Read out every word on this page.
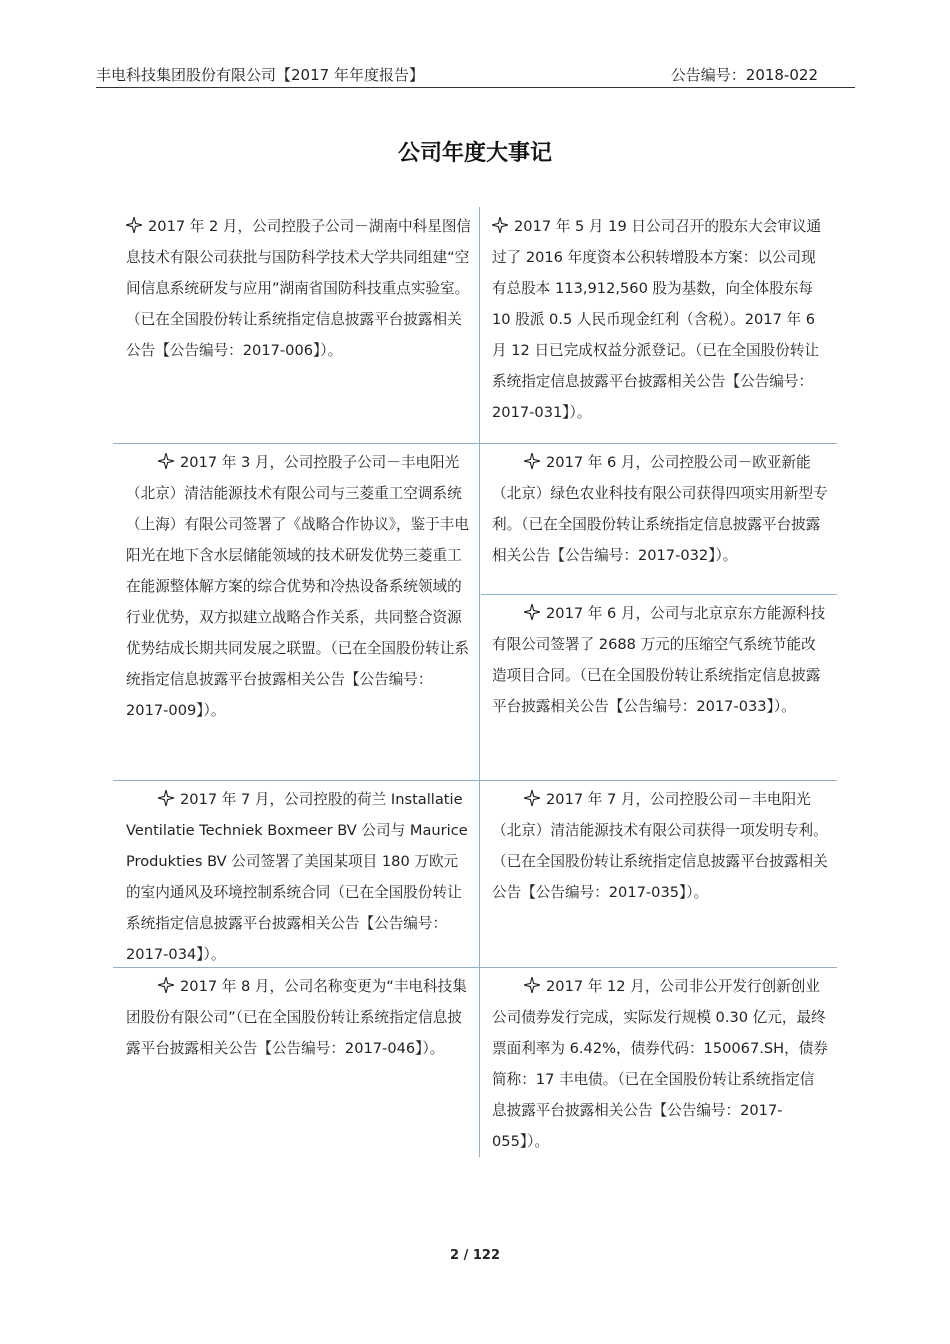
丰电科技集团股份有限公司【2017 年年度报告】	公告编号：2018-022
公司年度大事记
2017 年 2 月，公司控股子公司－湖南中科星图信息技术有限公司获批与国防科学技术大学共同组建“空间信息系统研发与应用”湖南省国防科技重点实验室。（已在全国股份转让系统指定信息披露平台披露相关公告【公告编号：2017-006】）。
2017 年 5 月 19 日公司召开的股东大会审议通过了 2016 年度资本公积转增股本方案：以公司现有总股本 113,912,560 股为基数，向全体股东每 10 股派 0.5 人民币现金红利（含税）。2017 年 6 月 12 日已完成权益分派登记。（已在全国股份转让系统指定信息披露平台披露相关公告【公告编号：2017-031】）。
2017 年 3 月，公司控股子公司－丰电阳光（北京）清洁能源技术有限公司与三菱重工空调系统（上海）有限公司签署了《战略合作协议》，鉴于丰电阳光在地下含水层储能领域的技术研发优势三菱重工在能源整体解方案的综合优势和冷热设备系统领域的行业优势，双方拟建立战略合作关系，共同整合资源优势结成长期共同发展之联盟。（已在全国股份转让系统指定信息披露平台披露相关公告【公告编号：2017-009】）。
2017 年 6 月，公司控股公司－欧亚新能（北京）绿色农业科技有限公司获得四项实用新型专利。（已在全国股份转让系统指定信息披露平台披露相关公告【公告编号：2017-032】）。
2017 年 6 月，公司与北京京东方能源科技有限公司签署了 2688 万元的压缩空气系统节能改造项目合同。（已在全国股份转让系统指定信息披露平台披露相关公告【公告编号：2017-033】）。
2017 年 7 月，公司控股的荷兰 Installatie Ventilatie Techniek Boxmeer BV 公司与 Maurice Produkties BV 公司签署了美国某项目 180 万欧元的室内通风及环境控制系统合同（已在全国股份转让系统指定信息披露平台披露相关公告【公告编号：2017-034】）。
2017 年 7 月，公司控股公司－丰电阳光（北京）清洁能源技术有限公司获得一项发明专利。（已在全国股份转让系统指定信息披露平台披露相关公告【公告编号：2017-035】）。
2017 年 8 月，公司名称变更为“丰电科技集团股份有限公司”（已在全国股份转让系统指定信息披露平台披露相关公告【公告编号：2017-046】）。
2017 年 12 月，公司非公开发行创新创业公司债券发行完成，实际发行规模 0.30 亿元，最终票面利率为 6.42%，债券代码：150067.SH，债券简称：17 丰电债。（已在全国股份转让系统指定信息披露平台披露相关公告【公告编号：2017-055】）。
2 / 122
